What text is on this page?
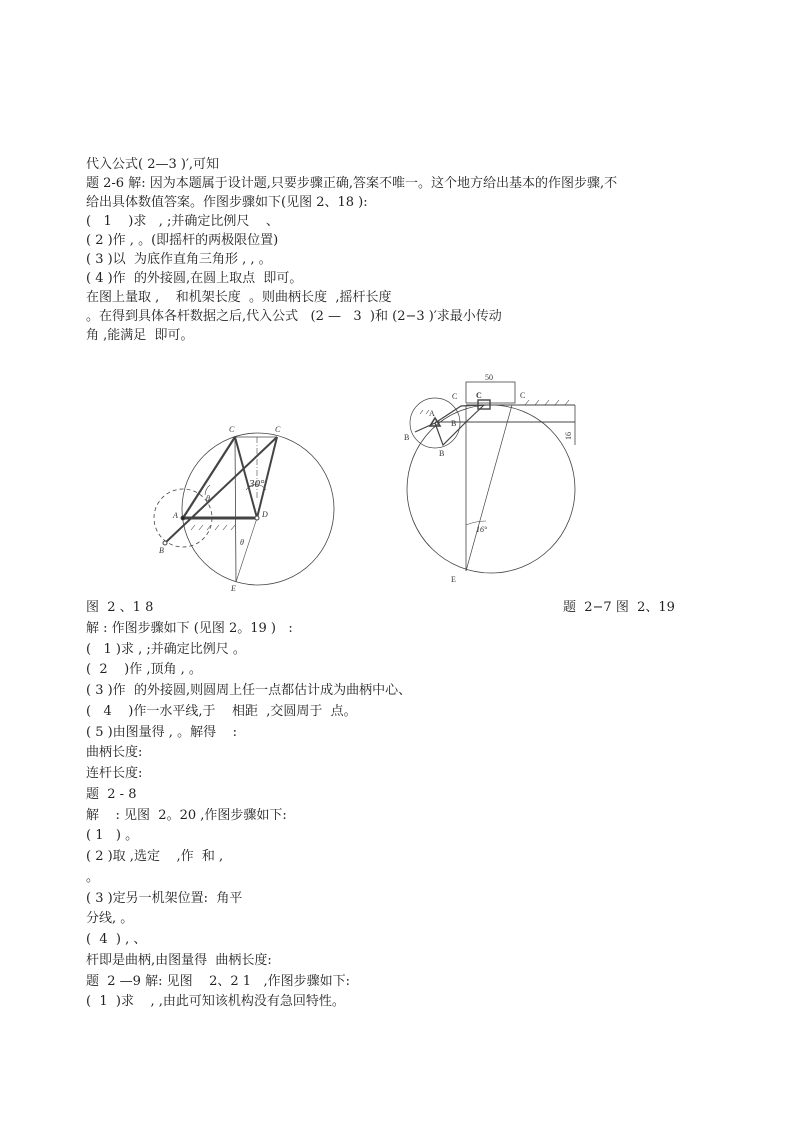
代入公式( 2—3 )′,可知
题 2-6 解: 因为本题属于设计题,只要步骤正确,答案不唯一。这个地方给出基本的作图步骤,不
给出具体数值答案。作图步骤如下(见图 2、18 ):
(   1    )求   , ;并确定比例尺    、
( 2 )作 , 。(即摇杆的两极限位置)
( 3 )以  为底作直角三角形 , , 。
( 4 )作  的外接圆,在圆上取点  即可。
在图上量取 ,    和机架长度  。则曲柄长度  ,摇杆长度
。在得到具体各杆数据之后,代入公式   (2 —   3  )和 (2−3 )′求最小传动
角 ,能满足  即可。
C	C
A	D
B
E
30°
θ
θ
50
C
C	C
A
B
B
B
E
16°
16
图  2 、1 8	题  2−7 图  2、19
解 : 作图步骤如下 (见图 2。19 )   :
(   1 )求 , ;并确定比例尺 。
(  2    )作 ,顶角 , 。
( 3 )作  的外接圆,则圆周上任一点都估计成为曲柄中心、
(   4    )作一水平线,于    相距  ,交圆周于  点。
( 5 )由图量得 , 。解得    :
曲柄长度:
连杆长度:
题  2 - 8
解    : 见图  2。20 ,作图步骤如下:
( 1   ) 。
( 2 )取 ,选定    ,作  和 ,
。
( 3 )定另一机架位置:  角平
分线, 。
(  4  ) , 、
杆即是曲柄,由图量得  曲柄长度:
题  2 —9 解: 见图    2、2 1   ,作图步骤如下:
(  1  )求    , ,由此可知该机构没有急回特性。
